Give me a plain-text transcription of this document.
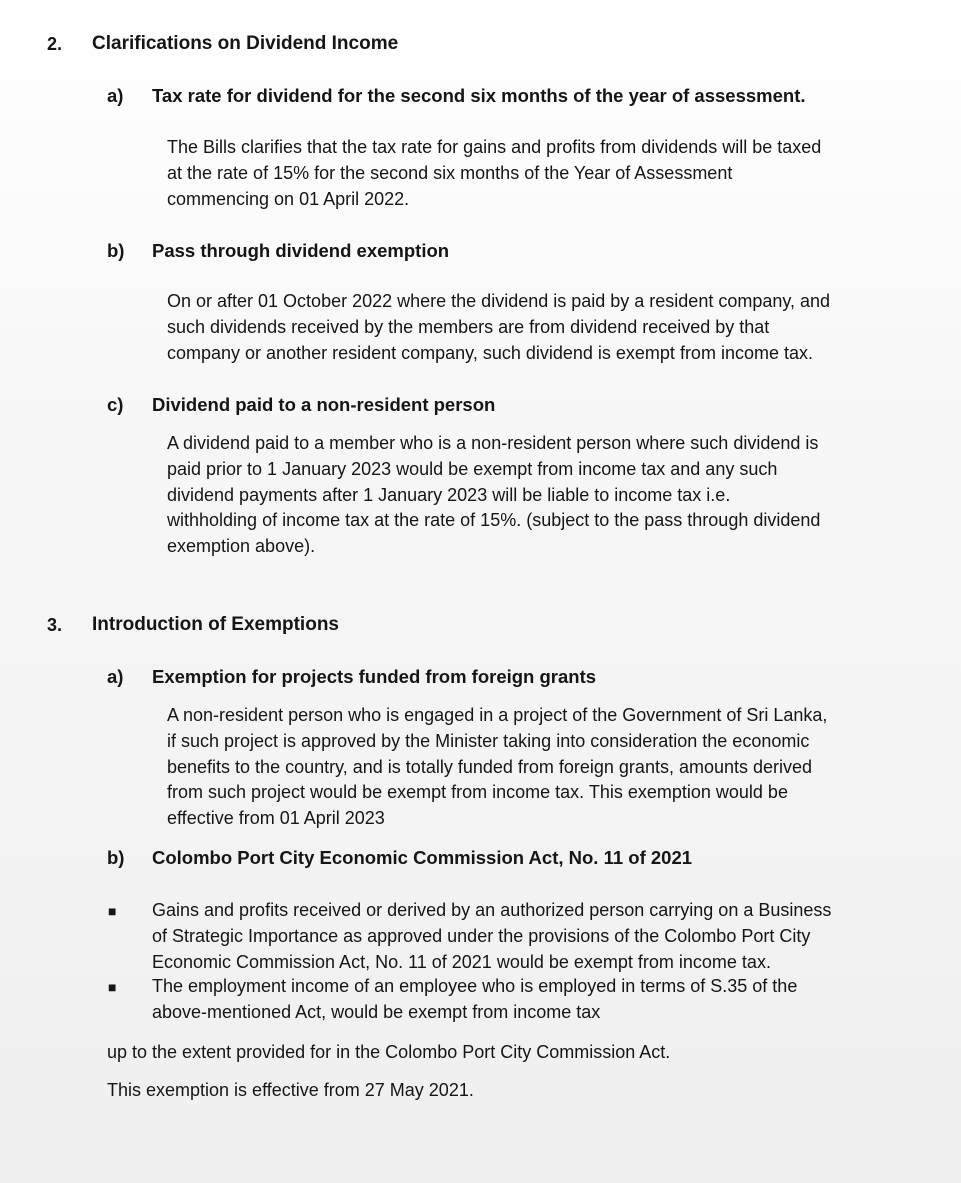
2. Clarifications on Dividend Income
a) Tax rate for dividend for the second six months of the year of assessment.
The Bills clarifies that the tax rate for gains and profits from dividends will be taxed
at the rate of 15% for the second six months of the Year of Assessment
commencing on 01 April 2022.
b) Pass through dividend exemption
On or after 01 October 2022 where the dividend is paid by a resident company, and
such dividends received by the members are from dividend received by that
company or another resident company, such dividend is exempt from income tax.
c) Dividend paid to a non-resident person
A dividend paid to a member who is a non-resident person where such dividend is
paid prior to 1 January 2023 would be exempt from income tax and any such
dividend payments after 1 January 2023 will be liable to income tax i.e.
withholding of income tax at the rate of 15%. (subject to the pass through dividend
exemption above).
3. Introduction of Exemptions
a) Exemption for projects funded from foreign grants
A non-resident person who is engaged in a project of the Government of Sri Lanka,
if such project is approved by the Minister taking into consideration the economic
benefits to the country, and is totally funded from foreign grants, amounts derived
from such project would be exempt from income tax. This exemption would be
effective from 01 April 2023
b) Colombo Port City Economic Commission Act, No. 11 of 2021
■ Gains and profits received or derived by an authorized person carrying on a Business
of Strategic Importance as approved under the provisions of the Colombo Port City
Economic Commission Act, No. 11 of 2021 would be exempt from income tax.
■ The employment income of an employee who is employed in terms of S.35 of the
above-mentioned Act, would be exempt from income tax
up to the extent provided for in the Colombo Port City Commission Act.
This exemption is effective from 27 May 2021.
